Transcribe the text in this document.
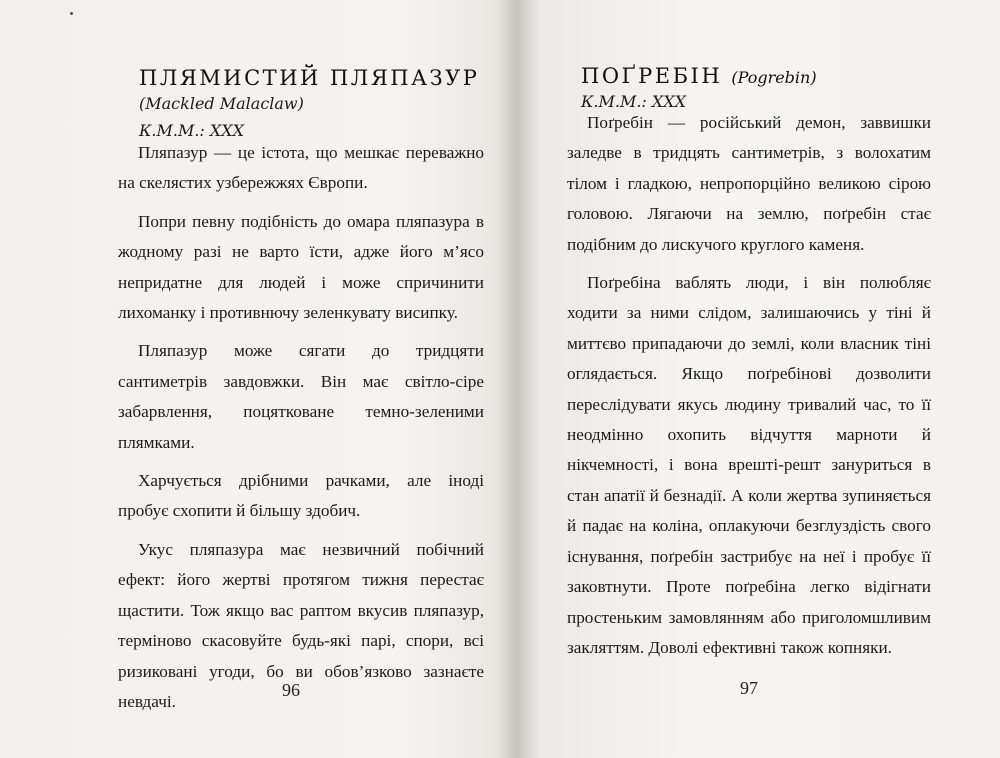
ПЛЯМИСТИЙ ПЛЯПАЗУР
(Mackled Malaclaw)
К.М.М.: XXX

Пляпазур — це істота, що мешкає переважно на скелястих узбережжях Європи.

Попри певну подібність до омара пляпазура в жодному разі не варто їсти, адже його м’ясо непридатне для людей і може спричинити лихоманку і противнючу зеленкувату висипку.

Пляпазур може сягати до тридцяти сантиметрів завдовжки. Він має світло-сіре забарвлення, поцятковане темно-зеленими плямками.

Харчується дрібними рачками, але іноді пробує схопити й більшу здобич.

Укус пляпазура має незвичний побічний ефект: його жертві протягом тижня перестає щастити. Тож якщо вас раптом вкусив пляпазур, терміново скасовуйте будь-які парі, спори, всі ризиковані угоди, бо ви обов’язково зазнаєте невдачі.

96
ПОҐРЕБІН (Pogrebin)
К.М.М.: XXX

Поґребін — російський демон, заввишки заледве в тридцять сантиметрів, з волохатим тілом і гладкою, непропорційно великою сірою головою. Лягаючи на землю, поґребін стає подібним до лискучого круглого каменя.

Поґребіна ваблять люди, і він полюбляє ходити за ними слідом, залишаючись у тіні й миттєво припадаючи до землі, коли власник тіні оглядається. Якщо поґребінові дозволити переслідувати якусь людину тривалий час, то її неодмінно охопить відчуття марноти й нікчемності, і вона врешті-решт зануриться в стан апатії й безнадії. А коли жертва зупиняється й падає на коліна, оплакуючи безглуздість свого існування, поґребін застрибує на неї і пробує її заковтнути. Проте поґребіна легко відігнати простеньким замовлянням або приголомшливим закляттям. Доволі ефективні також копняки.

97
